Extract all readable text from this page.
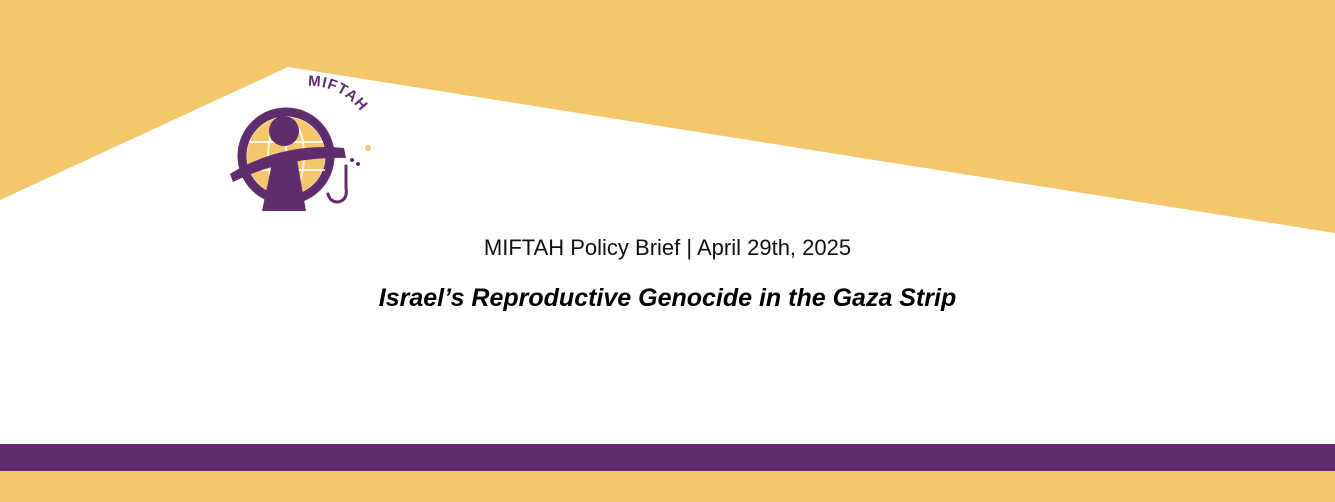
MIFTAH
MIFTAH Policy Brief | April 29th, 2025
Israel’s Reproductive Genocide in the Gaza Strip
